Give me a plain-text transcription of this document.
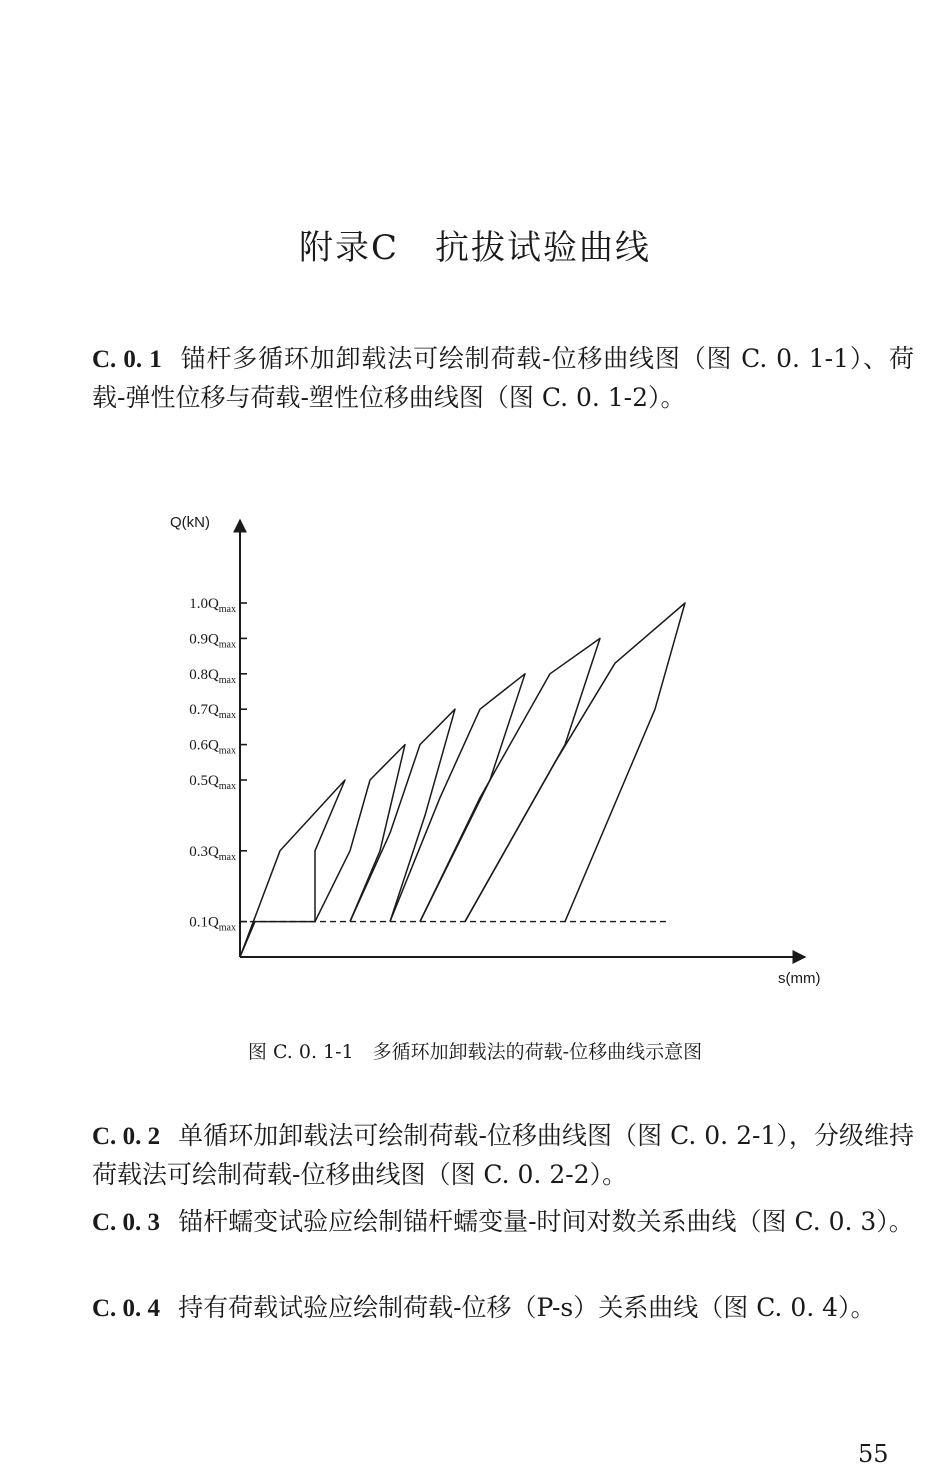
附录C　抗拔试验曲线
C. 0. 1 锚杆多循环加卸载法可绘制荷载-位移曲线图（图 C. 0. 1-1）、荷载-弹性位移与荷载-塑性位移曲线图（图 C. 0. 1-2）。
Q(kN)
s(mm)
$1.0Q_{max}$
$0.9Q_{max}$
$0.8Q_{max}$
$0.7Q_{max}$
$0.6Q_{max}$
$0.5Q_{max}$
$0.3Q_{max}$
$0.1Q_{max}$
图 C. 0. 1-1　多循环加卸载法的荷载-位移曲线示意图
C. 0. 2 单循环加卸载法可绘制荷载-位移曲线图（图 C. 0. 2-1），分级维持荷载法可绘制荷载-位移曲线图（图 C. 0. 2-2）。
C. 0. 3 锚杆蠕变试验应绘制锚杆蠕变量-时间对数关系曲线（图 C. 0. 3）。
C. 0. 4 持有荷载试验应绘制荷载-位移（P-s）关系曲线（图 C. 0. 4）。
55
